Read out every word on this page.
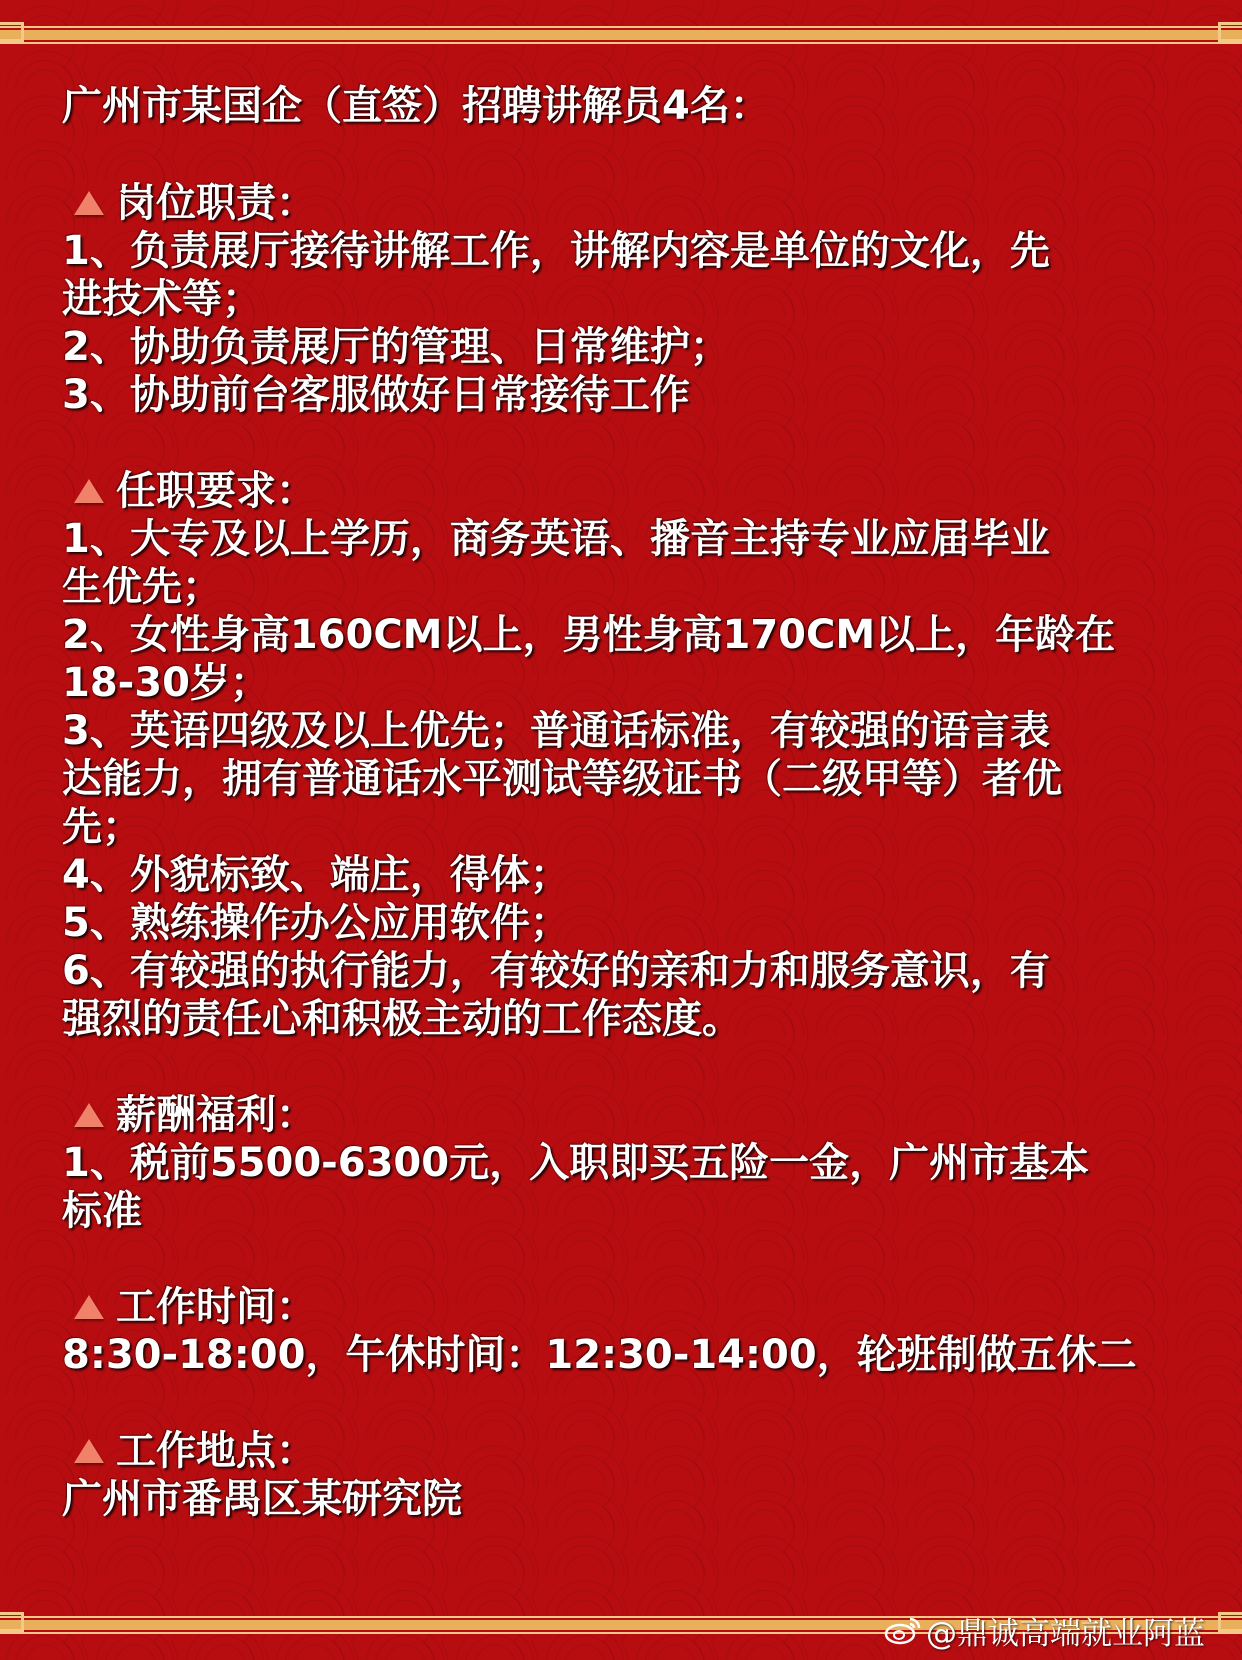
广州市某国企（直签）招聘讲解员4名：
岗位职责：
1、负责展厅接待讲解工作，讲解内容是单位的文化，先
进技术等；
2、协助负责展厅的管理、日常维护；
3、协助前台客服做好日常接待工作
任职要求：
1、大专及以上学历，商务英语、播音主持专业应届毕业
生优先；
2、女性身高160CM以上，男性身高170CM以上，年龄在
18-30岁；
3、英语四级及以上优先；普通话标准，有较强的语言表
达能力，拥有普通话水平测试等级证书（二级甲等）者优
先；
4、外貌标致、端庄，得体；
5、熟练操作办公应用软件；
6、有较强的执行能力，有较好的亲和力和服务意识，有
强烈的责任心和积极主动的工作态度。
薪酬福利：
1、税前5500-6300元，入职即买五险一金，广州市基本
标准
工作时间：
8:30-18:00，午休时间：12:30-14:00，轮班制做五休二
工作地点：
广州市番禺区某研究院
@鼎诚高端就业阿蓝
